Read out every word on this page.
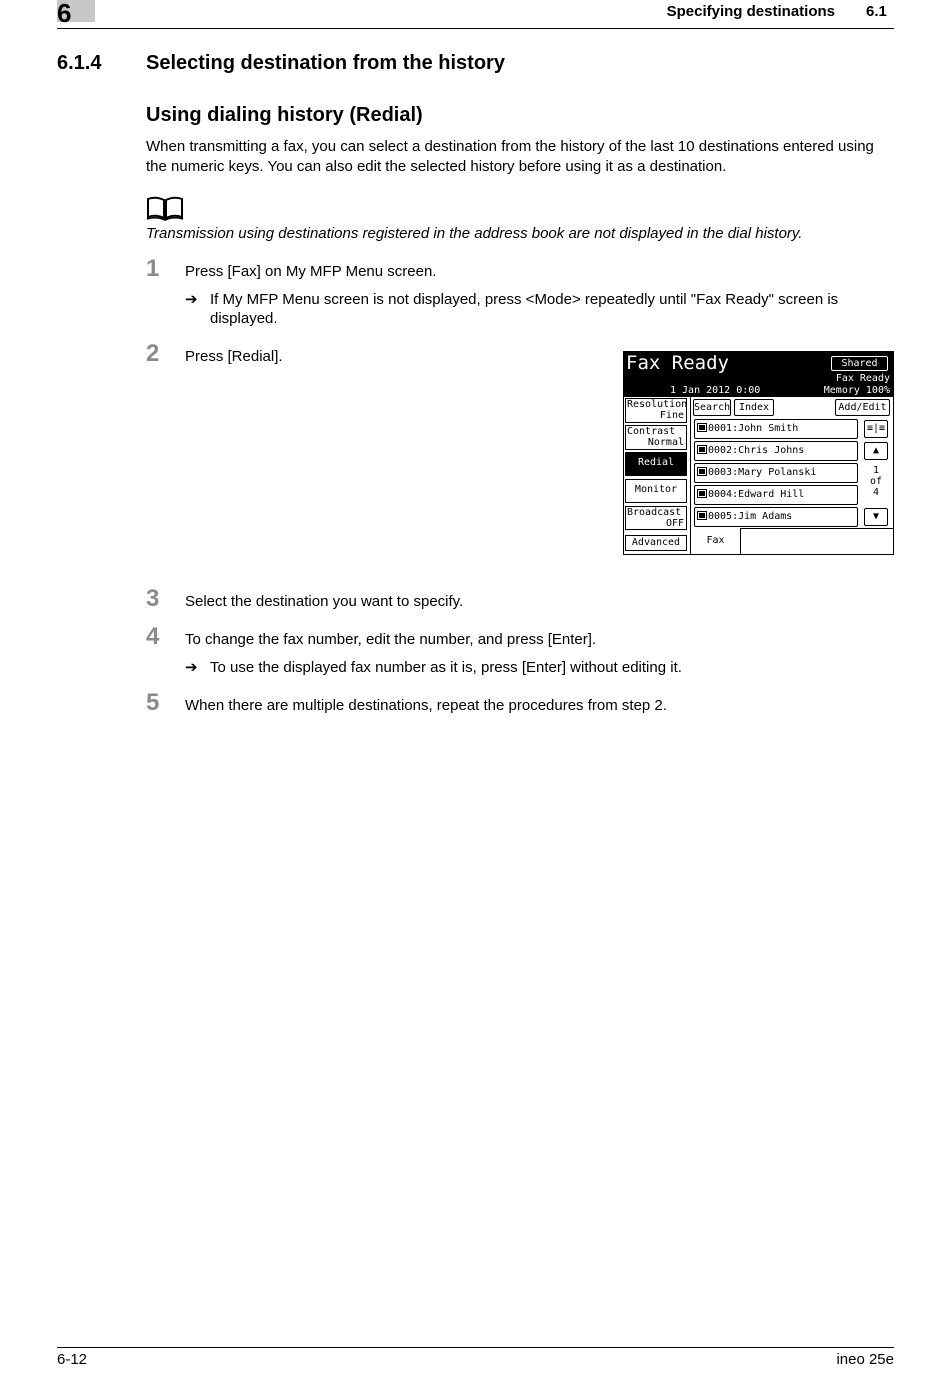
6	Specifying destinations 6.1
6.1.4 Selecting destination from the history
Using dialing history (Redial)
When transmitting a fax, you can select a destination from the history of the last 10 destinations entered using the numeric keys. You can also edit the selected history before using it as a destination.
Transmission using destinations registered in the address book are not displayed in the dial history.
1 Press [Fax] on My MFP Menu screen.
➔ If My MFP Menu screen is not displayed, press <Mode> repeatedly until "Fax Ready" screen is displayed.
2 Press [Redial].	Fax Ready	Shared
Fax Ready
1 Jan 2012 0:00	Memory 100%
Resolution
Fine
Contrast
Normal
Redial
Monitor
Broadcast
OFF
Advanced
Search Index	Add/Edit
0001:John Smith
0002:Chris Johns
0003:Mary Polanski
0004:Edward Hill
0005:Jim Adams
≡|≡
▲
1
of
4
▼
Fax
3 Select the destination you want to specify.
4 To change the fax number, edit the number, and press [Enter].
➔ To use the displayed fax number as it is, press [Enter] without editing it.
5 When there are multiple destinations, repeat the procedures from step 2.
6-12	ineo 25e
